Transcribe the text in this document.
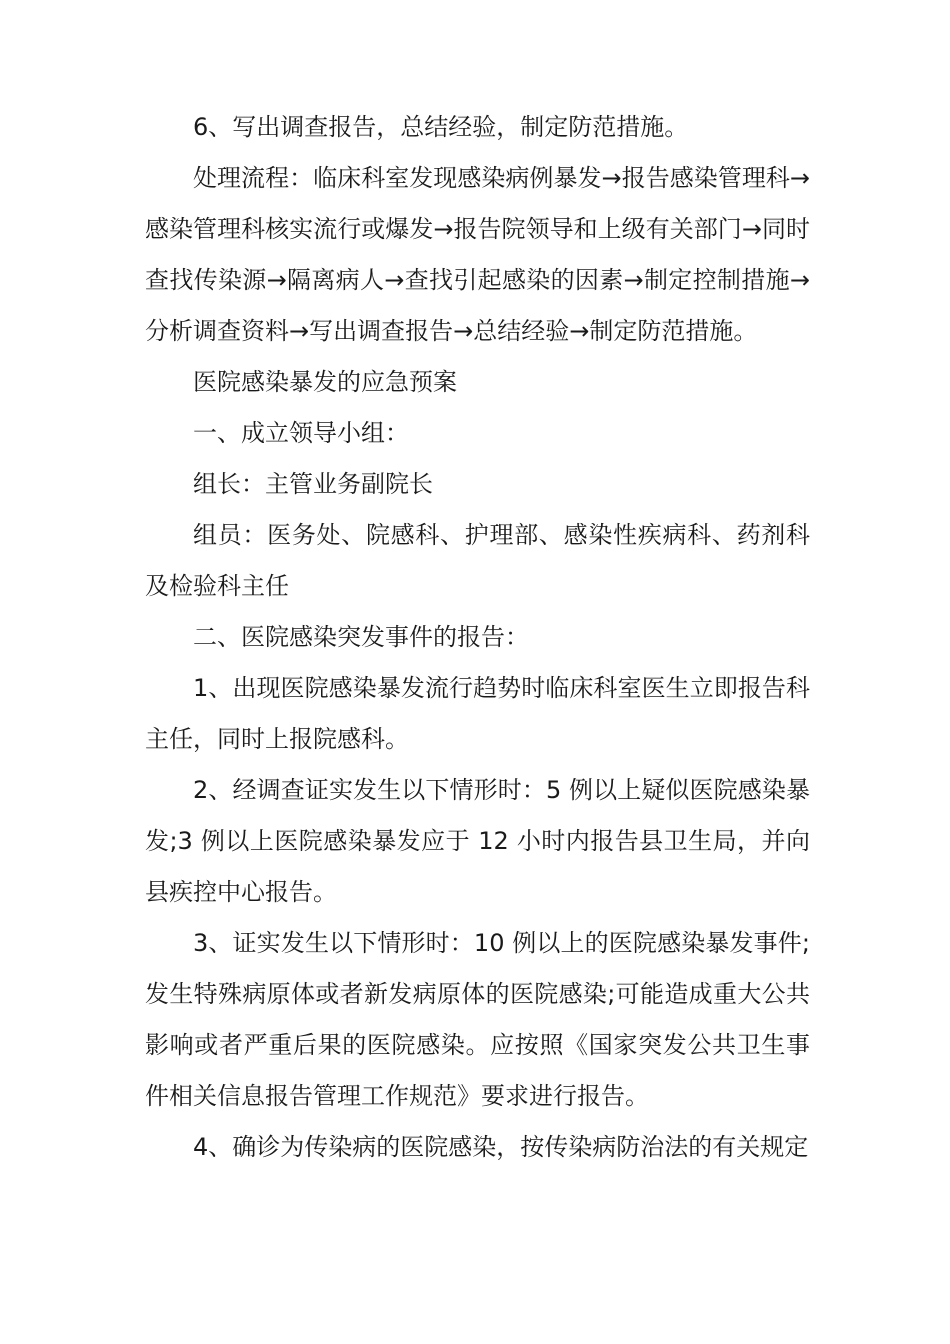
6、写出调查报告，总结经验，制定防范措施。

处理流程：临床科室发现感染病例暴发→报告感染管理科→感染管理科核实流行或爆发→报告院领导和上级有关部门→同时查找传染源→隔离病人→查找引起感染的因素→制定控制措施→分析调查资料→写出调查报告→总结经验→制定防范措施。

医院感染暴发的应急预案

一、成立领导小组：

组长：主管业务副院长

组员：医务处、院感科、护理部、感染性疾病科、药剂科及检验科主任

二、医院感染突发事件的报告：

1、出现医院感染暴发流行趋势时临床科室医生立即报告科主任，同时上报院感科。

2、经调查证实发生以下情形时：5 例以上疑似医院感染暴发;3 例以上医院感染暴发应于 12 小时内报告县卫生局，并向县疾控中心报告。

3、证实发生以下情形时：10 例以上的医院感染暴发事件;发生特殊病原体或者新发病原体的医院感染;可能造成重大公共影响或者严重后果的医院感染。应按照《国家突发公共卫生事件相关信息报告管理工作规范》要求进行报告。

4、确诊为传染病的医院感染，按传染病防治法的有关规定
